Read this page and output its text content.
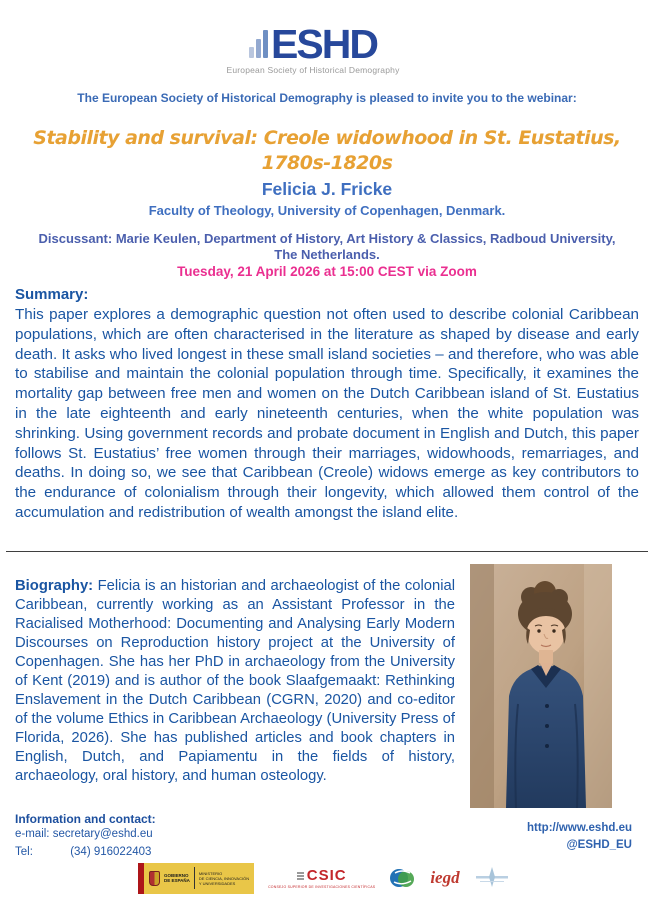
ESHD
European Society of Historical Demography
The European Society of Historical Demography is pleased to invite you to the webinar:
Stability and survival: Creole widowhood in St. Eustatius,
1780s-1820s
Felicia J. Fricke
Faculty of Theology, University of Copenhagen, Denmark.
Discussant: Marie Keulen, Department of History, Art History & Classics, Radboud University, The Netherlands.
Tuesday, 21 April 2026 at 15:00 CEST via Zoom
Summary:
This paper explores a demographic question not often used to describe colonial Caribbean populations, which are often characterised in the literature as shaped by disease and early death. It asks who lived longest in these small island societies – and therefore, who was able to stabilise and maintain the colonial population through time. Specifically, it examines the mortality gap between free men and women on the Dutch Caribbean island of St. Eustatius in the late eighteenth and early nineteenth centuries, when the white population was shrinking. Using government records and probate document in English and Dutch, this paper follows St. Eustatius’ free women through their marriages, widowhoods, remarriages, and deaths. In doing so, we see that Caribbean (Creole) widows emerge as key contributors to the endurance of colonialism through their longevity, which allowed them control of the accumulation and redistribution of wealth amongst the island elite.

Biography: Felicia is an historian and archaeologist of the colonial Caribbean, currently working as an Assistant Professor in the Racialised Motherhood: Documenting and Analysing Early Modern Discourses on Reproduction history project at the University of Copenhagen. She has her PhD in archaeology from the University of Kent (2019) and is author of the book Slaafgemaakt: Rethinking Enslavement in the Dutch Caribbean (CGRN, 2020) and co-editor of the volume Ethics in Caribbean Archaeology (University Press of Florida, 2026). She has published articles and book chapters in English, Dutch, and Papiamentu in the fields of history, archaeology, oral history, and human osteology.

Information and contact:
e-mail: secretary@eshd.eu
Tel:	(34) 916022403
http://www.eshd.eu
@ESHD_EU
GOBIERNO
DE ESPAÑA
MINISTERIO
DE CIENCIA, INNOVACIÓN
Y UNIVERSIDADES	CSIC
CONSEJO SUPERIOR DE INVESTIGACIONES CIENTÍFICAS	iegd
